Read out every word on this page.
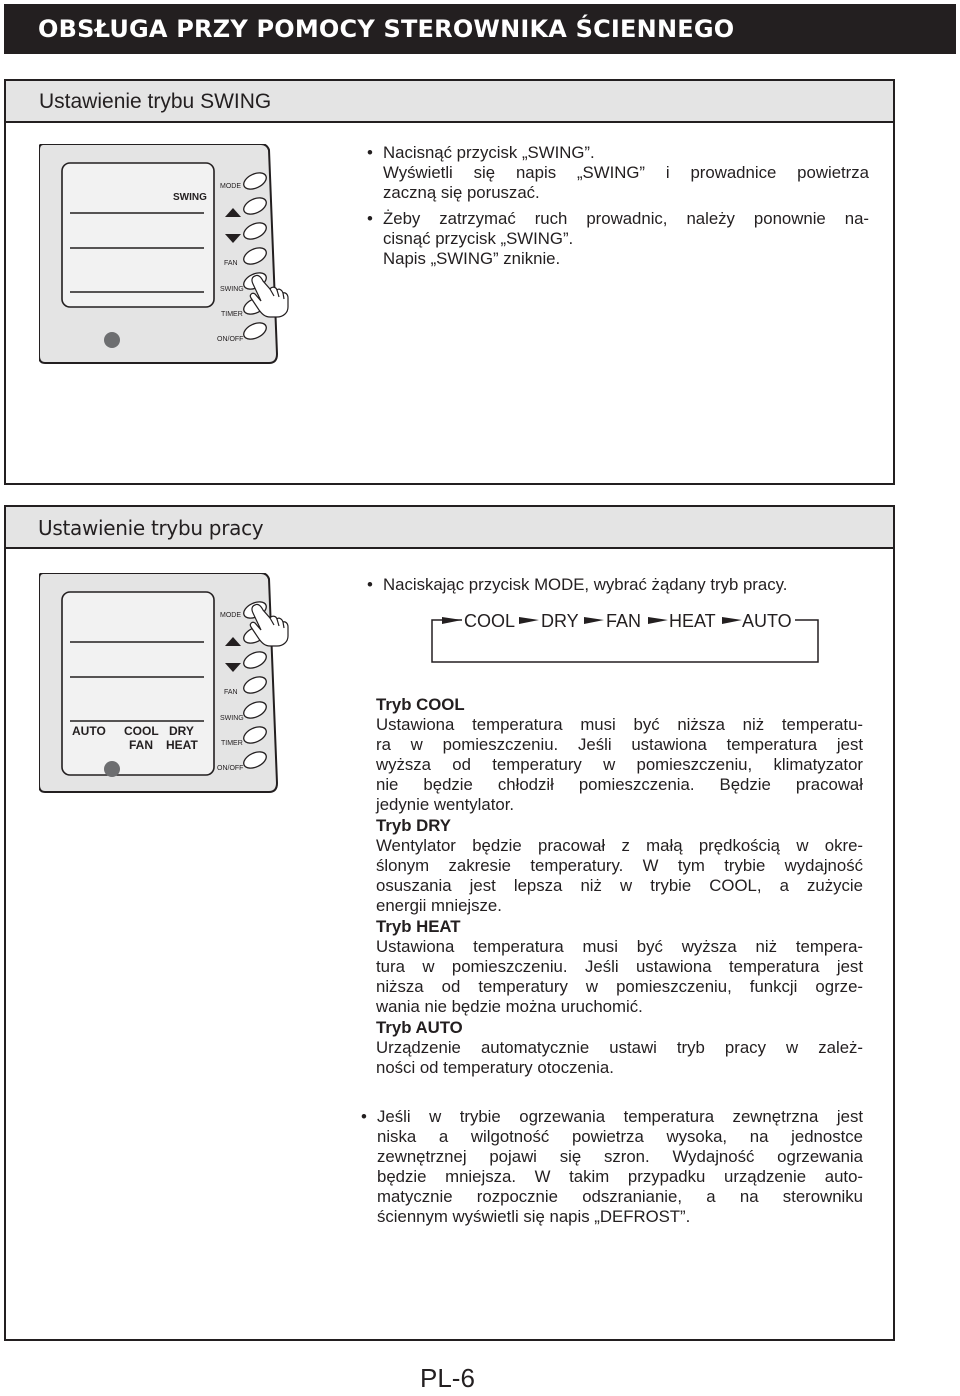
OBSŁUGA PRZY POMOCY STEROWNIKA ŚCIENNEGO
Ustawienie trybu SWING
SWING
MODE
FAN
SWING
TIMER
ON/OFF
• Nacisnąć przycisk „SWING”.
Wyświetli się napis „SWING” i prowadnice powietrza
zaczną się poruszać.
• Żeby zatrzymać ruch prowadnic, należy ponownie na-
cisnąć przycisk „SWING”.
Napis „SWING” zniknie.
Ustawienie trybu pracy
AUTO COOL DRY
FAN HEAT
MODE
FAN
SWING
TIMER
ON/OFF
• Naciskając przycisk MODE, wybrać żądany tryb pracy.
COOL DRY FAN HEAT AUTO
Tryb COOL
Ustawiona temperatura musi być niższa niż temperatu-
ra w pomieszczeniu. Jeśli ustawiona temperatura jest
wyższa od temperatury w pomieszczeniu, klimatyzator
nie będzie chłodził pomieszczenia. Będzie pracował
jedynie wentylator.
Tryb DRY
Wentylator będzie pracował z małą prędkością w okre-
ślonym zakresie temperatury. W tym trybie wydajność
osuszania jest lepsza niż w trybie COOL, a zużycie
energii mniejsze.
Tryb HEAT
Ustawiona temperatura musi być wyższa niż tempera-
tura w pomieszczeniu. Jeśli ustawiona temperatura jest
niższa od temperatury w pomieszczeniu, funkcji ogrze-
wania nie będzie można uruchomić.
Tryb AUTO
Urządzenie automatycznie ustawi tryb pracy w zależ-
ności od temperatury otoczenia.
• Jeśli w trybie ogrzewania temperatura zewnętrzna jest
niska a wilgotność powietrza wysoka, na jednostce
zewnętrznej pojawi się szron. Wydajność ogrzewania
będzie mniejsza. W takim przypadku urządzenie auto-
matycznie rozpocznie odszranianie, a na sterowniku
ściennym wyświetli się napis „DEFROST”.
PL-6
